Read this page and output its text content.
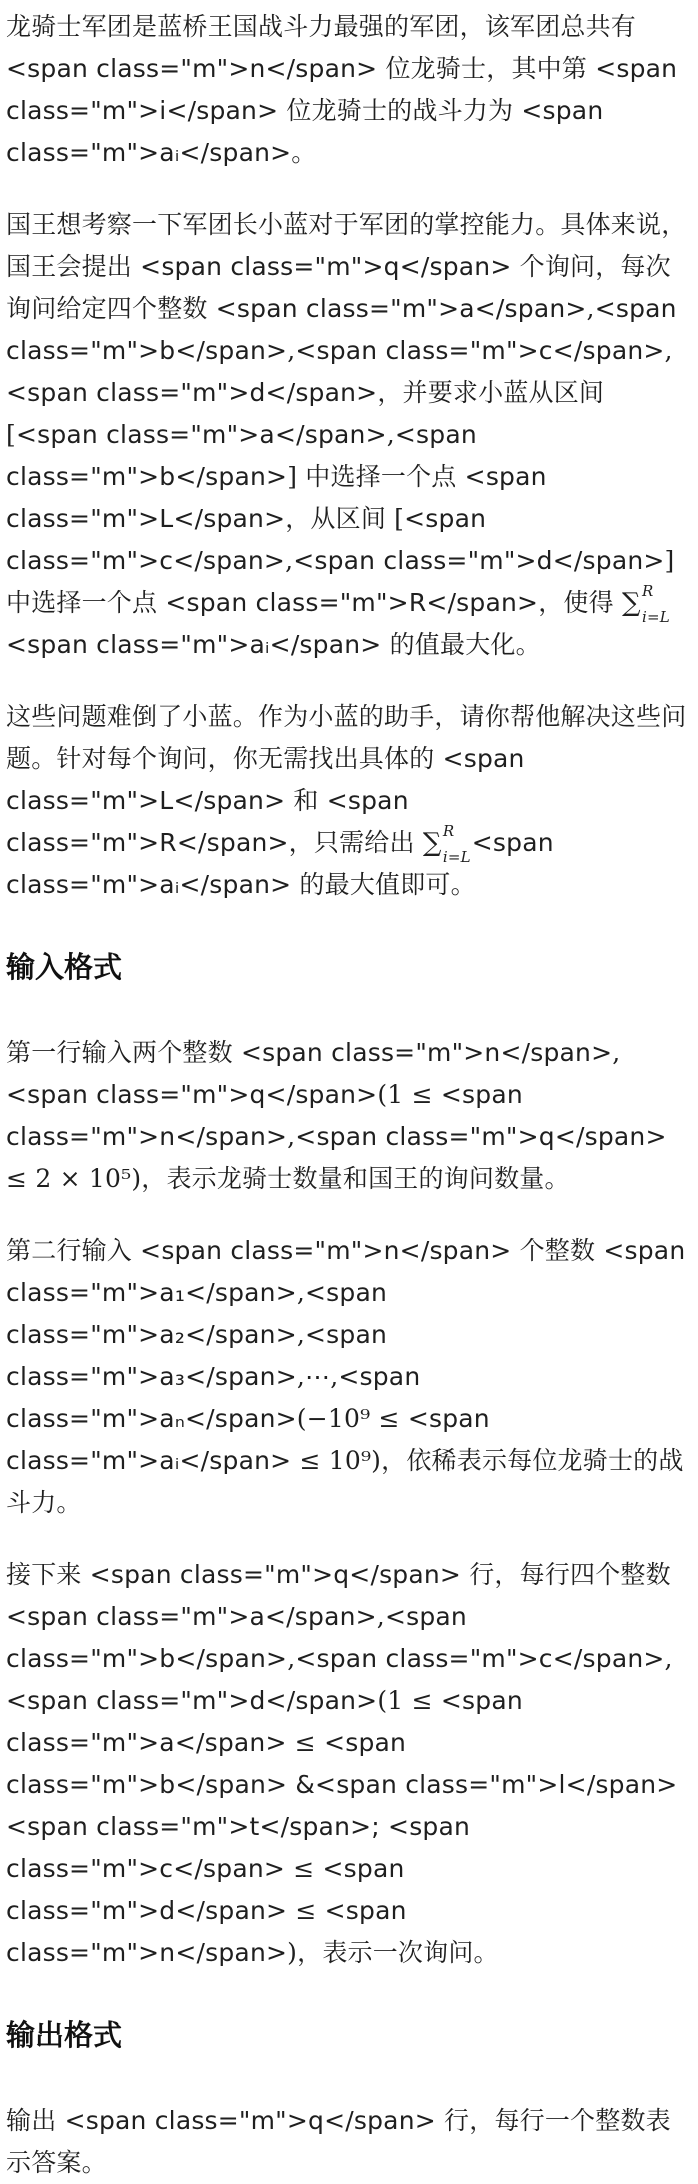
龙骑士军团是蓝桥王国战斗力最强的军团，该军团总共有 <span class="m">n</span> 位龙骑士，其中第 <span class="m">i</span> 位龙骑士的战斗力为 <span class="m">aᵢ</span>。

国王想考察一下军团长小蓝对于军团的掌控能力。具体来说，国王会提出 <span class="m">q</span> 个询问，每次询问给定四个整数 <span class="m">a</span>,<span class="m">b</span>,<span class="m">c</span>,<span class="m">d</span>，并要求小蓝从区间 [<span class="m">a</span>,<span class="m">b</span>] 中选择一个点 <span class="m">L</span>，从区间 [<span class="m">c</span>,<span class="m">d</span>] 中选择一个点 <span class="m">R</span>，使得 ∑ R
i=L
<span class="m">aᵢ</span> 的值最大化。

这些问题难倒了小蓝。作为小蓝的助手，请你帮他解决这些问题。针对每个询问，你无需找出具体的 <span class="m">L</span> 和 <span class="m">R</span>，只需给出 ∑ R
i=L <span class="m">aᵢ</span> 的最大值即可。

输入格式

第一行输入两个整数 <span class="m">n</span>,<span class="m">q</span>(1 ≤ <span class="m">n</span>,<span class="m">q</span> ≤ 2 × 10⁵)，表示龙骑士数量和国王的询问数量。

第二行输入 <span class="m">n</span> 个整数 <span class="m">a₁</span>,<span class="m">a₂</span>,<span class="m">a₃</span>,⋯,<span class="m">aₙ</span>(−10⁹ ≤ <span class="m">aᵢ</span> ≤ 10⁹)，依稀表示每位龙骑士的战斗力。

接下来 <span class="m">q</span> 行，每行四个整数 <span class="m">a</span>,<span class="m">b</span>,<span class="m">c</span>,<span class="m">d</span>(1 ≤ <span class="m">a</span> ≤ <span class="m">b</span> &<span class="m">l</span><span class="m">t</span>; <span class="m">c</span> ≤ <span class="m">d</span> ≤ <span class="m">n</span>)，表示一次询问。

输出格式

输出 <span class="m">q</span> 行，每行一个整数表示答案。
